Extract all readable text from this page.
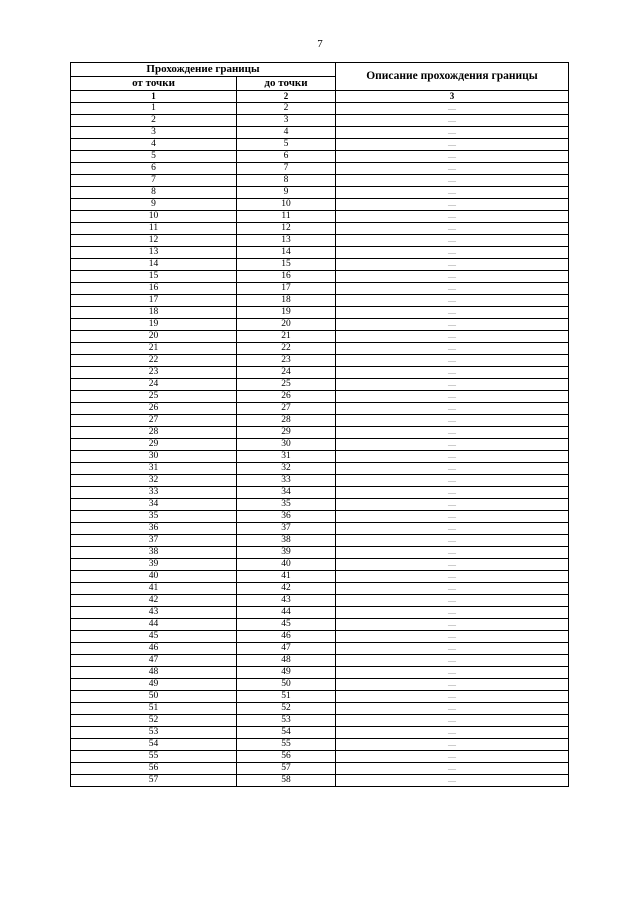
7
Прохождение границы		Описание прохождения границы
от точки	до точки	
1	2	3
1	2	—
2	3	—
3	4	—
4	5	—
5	6	—
6	7	—
7	8	—
8	9	—
9	10	—
10	11	—
11	12	—
12	13	—
13	14	—
14	15	—
15	16	—
16	17	—
17	18	—
18	19	—
19	20	—
20	21	—
21	22	—
22	23	—
23	24	—
24	25	—
25	26	—
26	27	—
27	28	—
28	29	—
29	30	—
30	31	—
31	32	—
32	33	—
33	34	—
34	35	—
35	36	—
36	37	—
37	38	—
38	39	—
39	40	—
40	41	—
41	42	—
42	43	—
43	44	—
44	45	—
45	46	—
46	47	—
47	48	—
48	49	—
49	50	—
50	51	—
51	52	—
52	53	—
53	54	—
54	55	—
55	56	—
56	57	—
57	58	—
